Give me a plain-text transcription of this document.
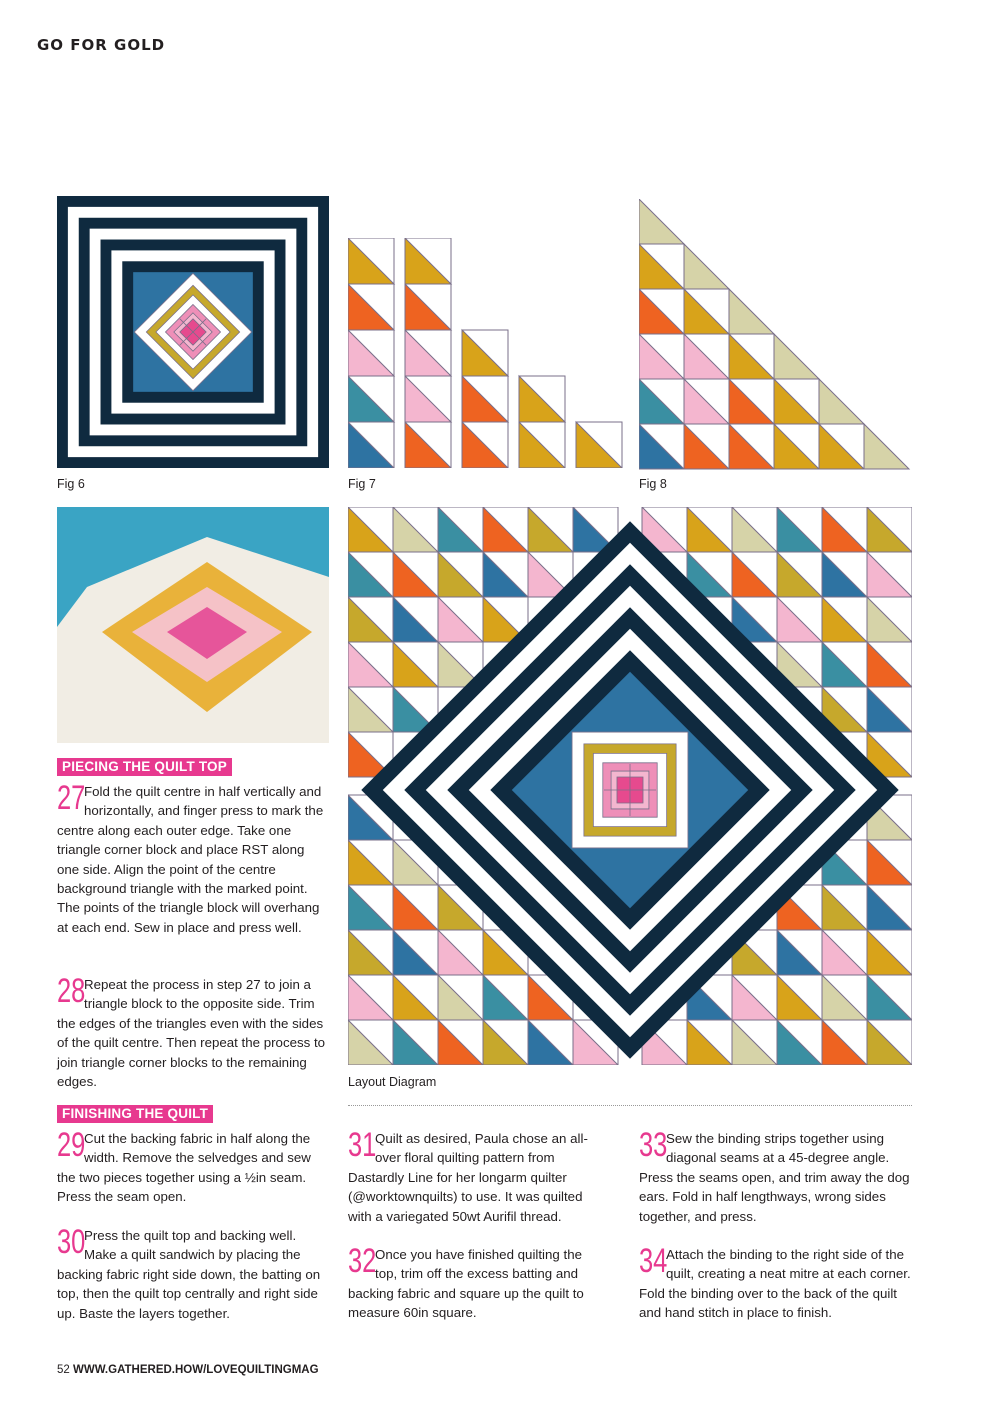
GO FOR GOLD
Fig 6	Fig 7	Fig 8
Layout Diagram
PIECING THE QUILT TOP
FINISHING THE QUILT
27
Fold the quilt centre in half vertically and horizontally, and finger press to mark the centre along each outer edge. Take one triangle corner block and place RST along one side. Align the point of the centre background triangle with the marked point. The points of the triangle block will overhang at each end. Sew in place and press well.
28
Repeat the process in step 27 to join a triangle block to the opposite side. Trim the edges of the triangles even with the sides of the quilt centre. Then repeat the process to join triangle corner blocks to the remaining edges.
29
Cut the backing fabric in half along the width. Remove the selvedges and sew the two pieces together using a ½in seam. Press the seam open.
30
Press the quilt top and backing well. Make a quilt sandwich by placing the backing fabric right side down, the batting on top, then the quilt top centrally and right side up. Baste the layers together.
31
Quilt as desired, Paula chose an all-over floral quilting pattern from Dastardly Line for her longarm quilter (@worktownquilts) to use. It was quilted with a variegated 50wt Aurifil thread.
32
Once you have finished quilting the top, trim off the excess batting and backing fabric and square up the quilt to measure 60in square.
33
Sew the binding strips together using diagonal seams at a 45-degree angle. Press the seams open, and trim away the dog ears. Fold in half lengthways, wrong sides together, and press.
34
Attach the binding to the right side of the quilt, creating a neat mitre at each corner. Fold the binding over to the back of the quilt and hand stitch in place to finish.
52 WWW.GATHERED.HOW/LOVEQUILTINGMAG
